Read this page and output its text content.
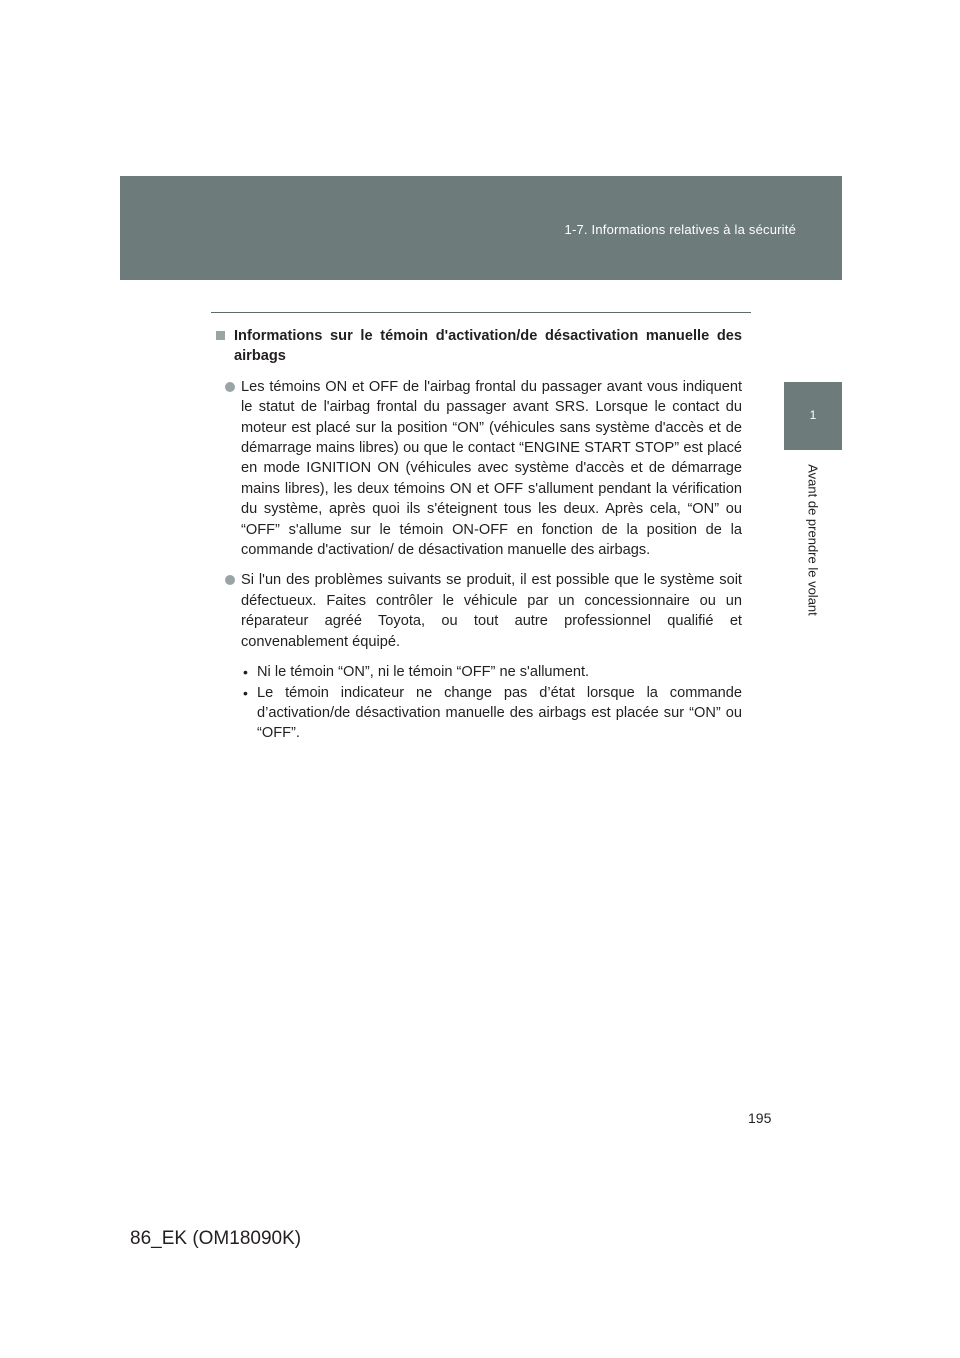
1-7. Informations relatives à la sécurité
1
Avant de prendre le volant

Informations sur le témoin d'activation/de désactivation manuelle des airbags

Les témoins ON et OFF de l'airbag frontal du passager avant vous indiquent le statut de l'airbag frontal du passager avant SRS. Lorsque le contact du moteur est placé sur la position “ON” (véhicules sans système d'accès et de démarrage mains libres) ou que le contact “ENGINE START STOP” est placé en mode IGNITION ON (véhicules avec système d'accès et de démarrage mains libres), les deux témoins ON et OFF s'allument pendant la vérification du système, après quoi ils s'éteignent tous les deux. Après cela, “ON” ou “OFF” s'allume sur le témoin ON-OFF en fonction de la position de la commande d'activation/ de désactivation manuelle des airbags.

Si l'un des problèmes suivants se produit, il est possible que le système soit défectueux. Faites contrôler le véhicule par un concessionnaire ou un réparateur agréé Toyota, ou tout autre professionnel qualifié et convenablement équipé.

• Ni le témoin “ON”, ni le témoin “OFF” ne s'allument.
• Le témoin indicateur ne change pas d’état lorsque la commande d’activation/de désactivation manuelle des airbags est placée sur “ON” ou “OFF”.
195
86_EK (OM18090K)
